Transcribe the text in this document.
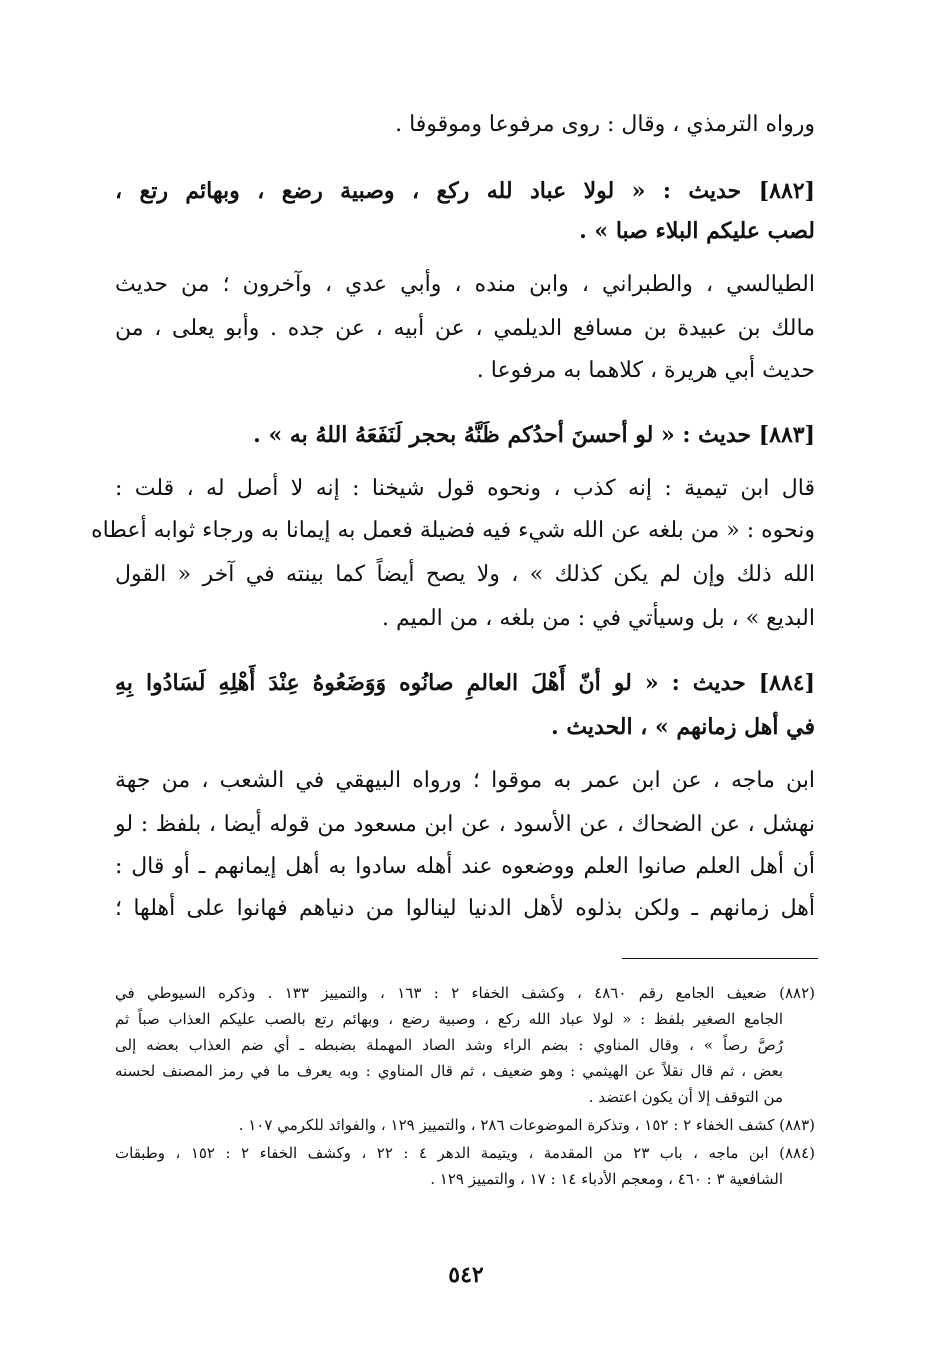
ورواه الترمذي ، وقال : روى مرفوعا وموقوفا .
[٨٨٢] حديث : « لولا عباد لله ركع ، وصبية رضع ، وبهائم رتع ،
لصب عليكم البلاء صبا » .
الطيالسي ، والطبراني ، وابن منده ، وأبي عدي ، وآخرون ؛ من حديث
مالك بن عبيدة بن مسافع الديلمي ، عن أبيه ، عن جده . وأبو يعلى ، من
حديث أبي هريرة ، كلاهما به مرفوعا .
[٨٨٣] حديث : « لو أحسنَ أحدُكم ظَنَّهُ بحجر لَنَفَعَهُ اللهُ به » .
قال ابن تيمية : إنه كذب ، ونحوه قول شيخنا : إنه لا أصل له ، قلت :
ونحوه : « من بلغه عن الله شيء فيه فضيلة فعمل به إيمانا به ورجاء ثوابه أعطاه
الله ذلك وإن لم يكن كذلك » ، ولا يصح أيضاً كما بينته في آخر « القول
البديع » ، بل وسيأتي في : من بلغه ، من الميم .
[٨٨٤] حديث : « لو أنّ أَهْلَ العالمِ صانُوه وَوَضَعُوهُ عِنْدَ أَهْلِهِ لَسَادُوا بِهِ
في أهل زمانهم » ، الحديث .
ابن ماجه ، عن ابن عمر به موقوا ؛ ورواه البيهقي في الشعب ، من جهة
نهشل ، عن الضحاك ، عن الأسود ، عن ابن مسعود من قوله أيضا ، بلفظ : لو
أن أهل العلم صانوا العلم ووضعوه عند أهله سادوا به أهل إيمانهم ـ أو قال :
أهل زمانهم ـ ولكن بذلوه لأهل الدنيا لينالوا من دنياهم فهانوا على أهلها ؛
(٨٨٢) ضعيف الجامع رقم ٤٨٦٠ ، وكشف الخفاء ٢ : ١٦٣ ، والتمييز ١٣٣ . وذكره السيوطي في
الجامع الصغير بلفظ : « لولا عباد الله ركع ، وصبية رضع ، وبهائم رتع بالصب عليكم العذاب صباً ثم
رُصَّ رصاً » ، وقال المناوي : بضم الراء وشد الصاد المهملة بضبطه ـ أي ضم العذاب بعضه إلى
بعض ، ثم قال نقلاً عن الهيثمي : وهو ضعيف ، ثم قال المناوي : وبه يعرف ما في رمز المصنف لحسنه
من التوقف إلا أن يكون اعتضد .
(٨٨٣) كشف الخفاء ٢ : ١٥٢ ، وتذكرة الموضوعات ٢٨٦ ، والتمييز ١٢٩ ، والفوائد للكرمي ١٠٧ .
(٨٨٤) ابن ماجه ، باب ٢٣ من المقدمة ، ويتيمة الدهر ٤ : ٢٢ ، وكشف الخفاء ٢ : ١٥٢ ، وطبقات
الشافعية ٣ : ٤٦٠ ، ومعجم الأدباء ١٤ : ١٧ ، والتمييز ١٢٩ .
٥٤٢
